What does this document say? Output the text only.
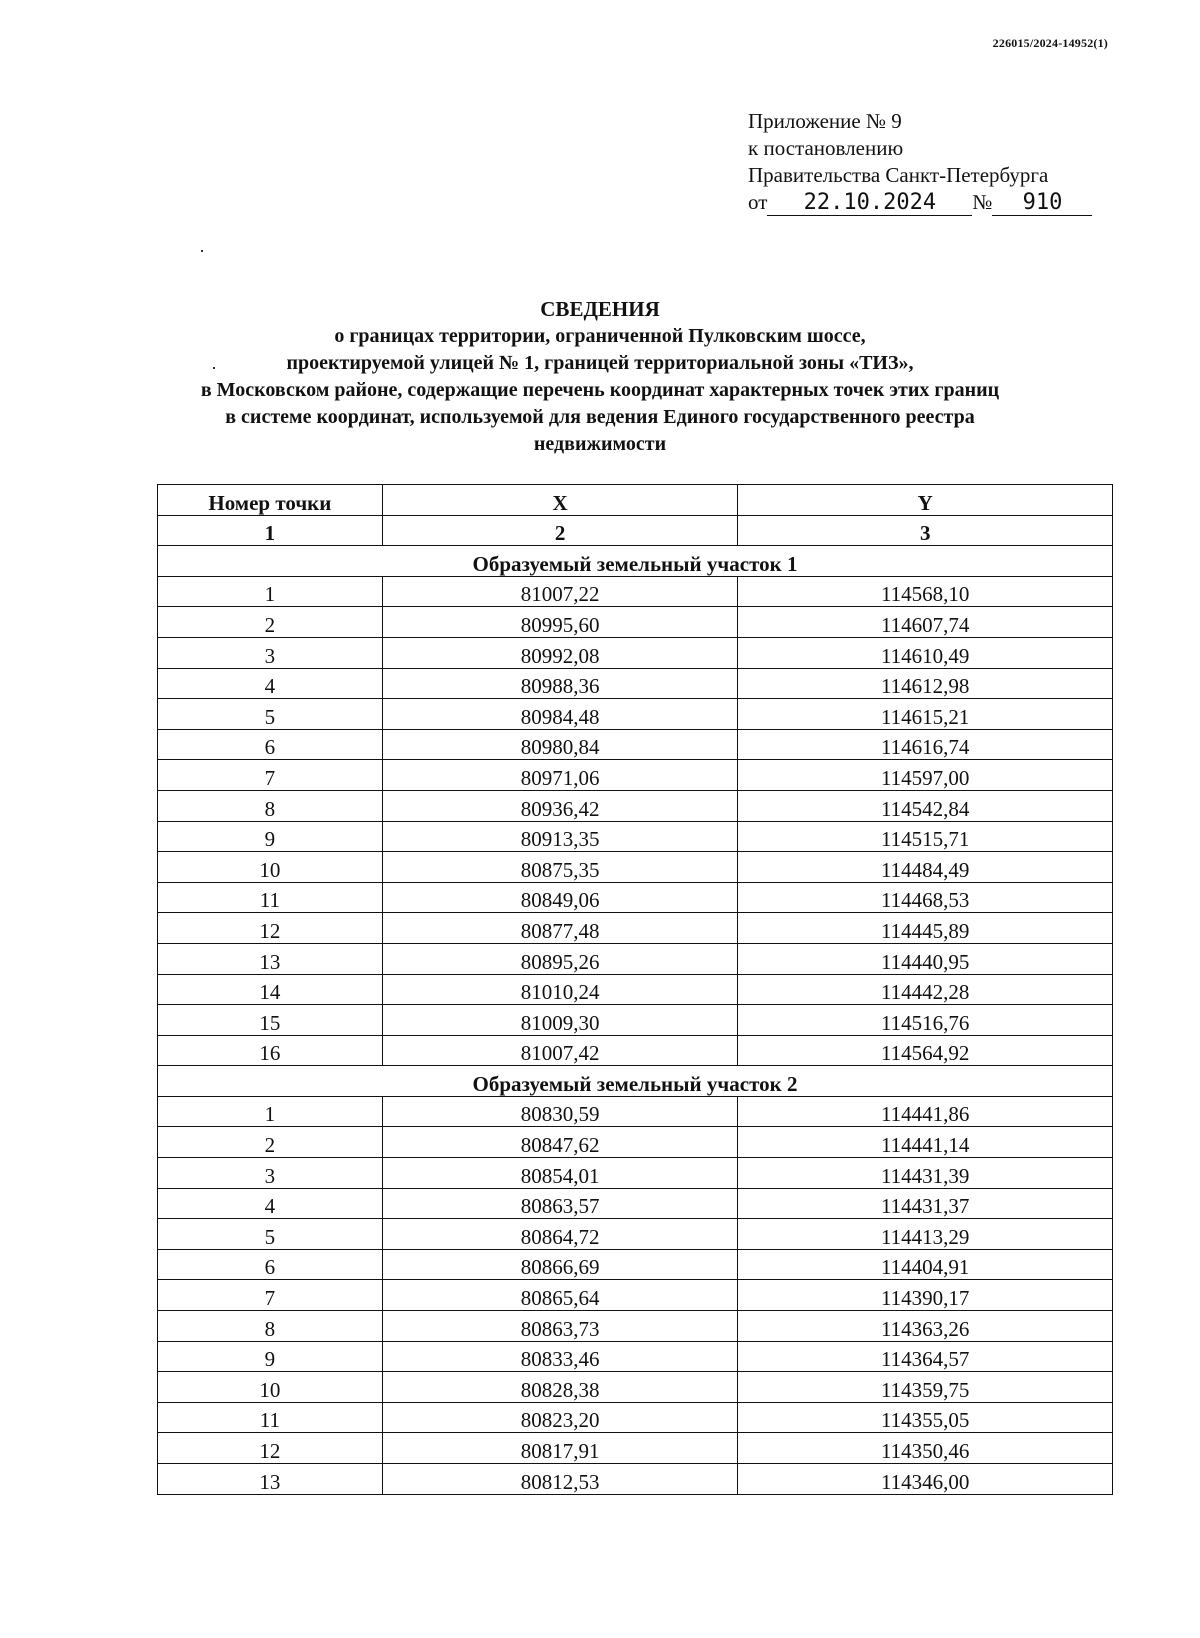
226015/2024-14952(1)
Приложение № 9
к постановлению
Правительства Санкт-Петербурга
от	22.10.2024	№	910
СВЕДЕНИЯ
о границах территории, ограниченной Пулковским шоссе,
проектируемой улицей № 1, границей территориальной зоны «ТИЗ»,
в Московском районе, содержащие перечень координат характерных точек этих границ
в системе координат, используемой для ведения Единого государственного реестра
недвижимости
Номер точки	X	Y
1	2	3
Образуемый земельный участок 1		
1	81007,22	114568,10
2	80995,60	114607,74
3	80992,08	114610,49
4	80988,36	114612,98
5	80984,48	114615,21
6	80980,84	114616,74
7	80971,06	114597,00
8	80936,42	114542,84
9	80913,35	114515,71
10	80875,35	114484,49
11	80849,06	114468,53
12	80877,48	114445,89
13	80895,26	114440,95
14	81010,24	114442,28
15	81009,30	114516,76
16	81007,42	114564,92
Образуемый земельный участок 2		
1	80830,59	114441,86
2	80847,62	114441,14
3	80854,01	114431,39
4	80863,57	114431,37
5	80864,72	114413,29
6	80866,69	114404,91
7	80865,64	114390,17
8	80863,73	114363,26
9	80833,46	114364,57
10	80828,38	114359,75
11	80823,20	114355,05
12	80817,91	114350,46
13	80812,53	114346,00
